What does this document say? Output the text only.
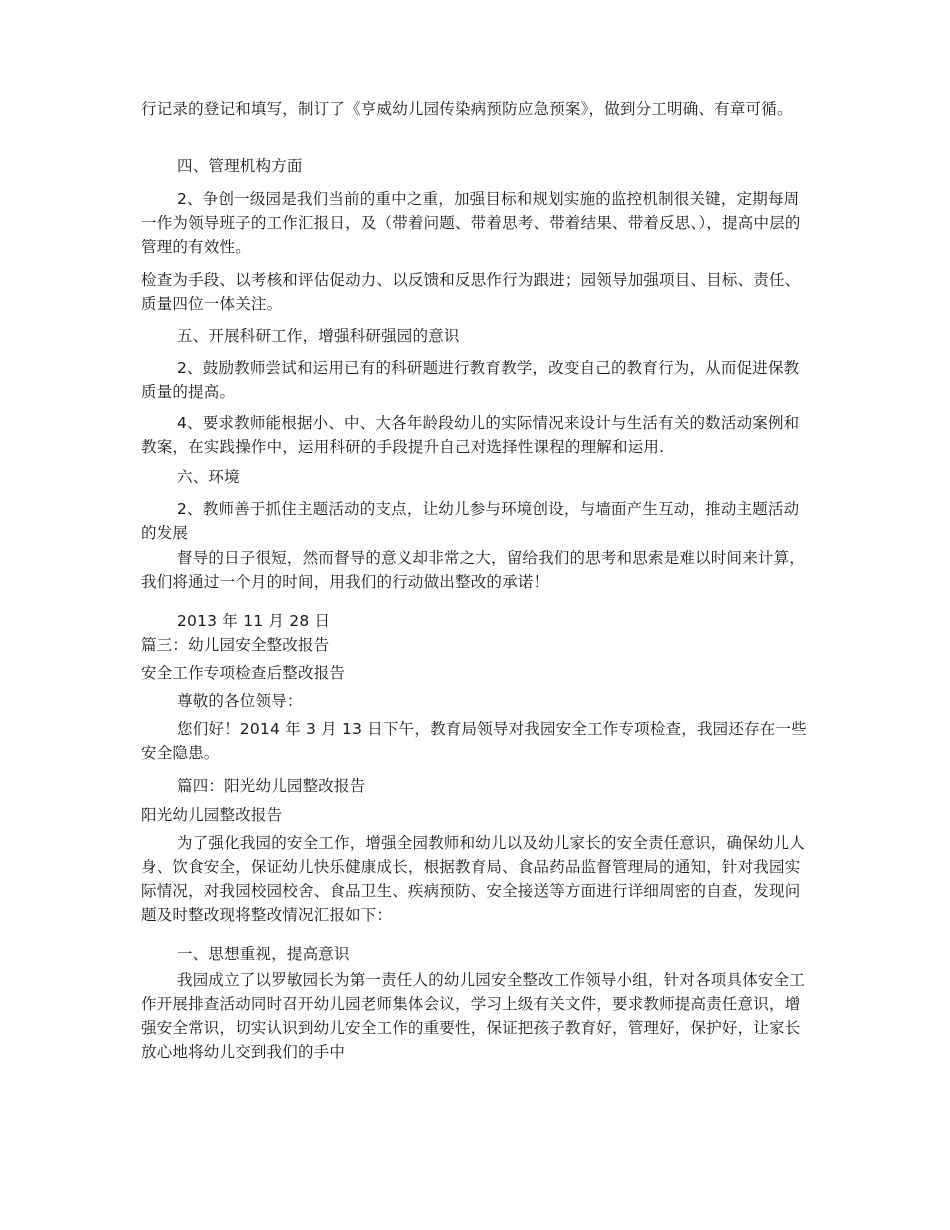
行记录的登记和填写，制订了《亨威幼儿园传染病预防应急预案》，做到分工明确、有章可循。

四、管理机构方面

2、争创一级园是我们当前的重中之重，加强目标和规划实施的监控机制很关键，定期每周一作为领导班子的工作汇报日，及（带着问题、带着思考、带着结果、带着反思、），提高中层的管理的有效性。

检查为手段、以考核和评估促动力、以反馈和反思作行为跟进；园领导加强项目、目标、责任、质量四位一体关注。

五、开展科研工作，增强科研强园的意识

2、鼓励教师尝试和运用已有的科研题进行教育教学，改变自己的教育行为，从而促进保教质量的提高。

4、要求教师能根据小、中、大各年龄段幼儿的实际情况来设计与生活有关的数活动案例和教案，在实践操作中，运用科研的手段提升自己对选择性课程的理解和运用.

六、环境

2、教师善于抓住主题活动的支点，让幼儿参与环境创设，与墙面产生互动，推动主题活动的发展

督导的日子很短，然而督导的意义却非常之大，留给我们的思考和思索是难以时间来计算，我们将通过一个月的时间，用我们的行动做出整改的承诺！

2013 年 11 月 28 日

篇三：幼儿园安全整改报告

安全工作专项检查后整改报告

尊敬的各位领导：

您们好！2014 年 3 月 13 日下午，教育局领导对我园安全工作专项检查，我园还存在一些安全隐患。

篇四：阳光幼儿园整改报告

阳光幼儿园整改报告

为了强化我园的安全工作，增强全园教师和幼儿以及幼儿家长的安全责任意识，确保幼儿人身、饮食安全，保证幼儿快乐健康成长，根据教育局、食品药品监督管理局的通知，针对我园实际情况，对我园校园校舍、食品卫生、疾病预防、安全接送等方面进行详细周密的自查，发现问题及时整改现将整改情况汇报如下：

一、思想重视，提高意识

我园成立了以罗敏园长为第一责任人的幼儿园安全整改工作领导小组，针对各项具体安全工作开展排查活动同时召开幼儿园老师集体会议，学习上级有关文件，要求教师提高责任意识，增强安全常识，切实认识到幼儿安全工作的重要性，保证把孩子教育好，管理好，保护好，让家长放心地将幼儿交到我们的手中
